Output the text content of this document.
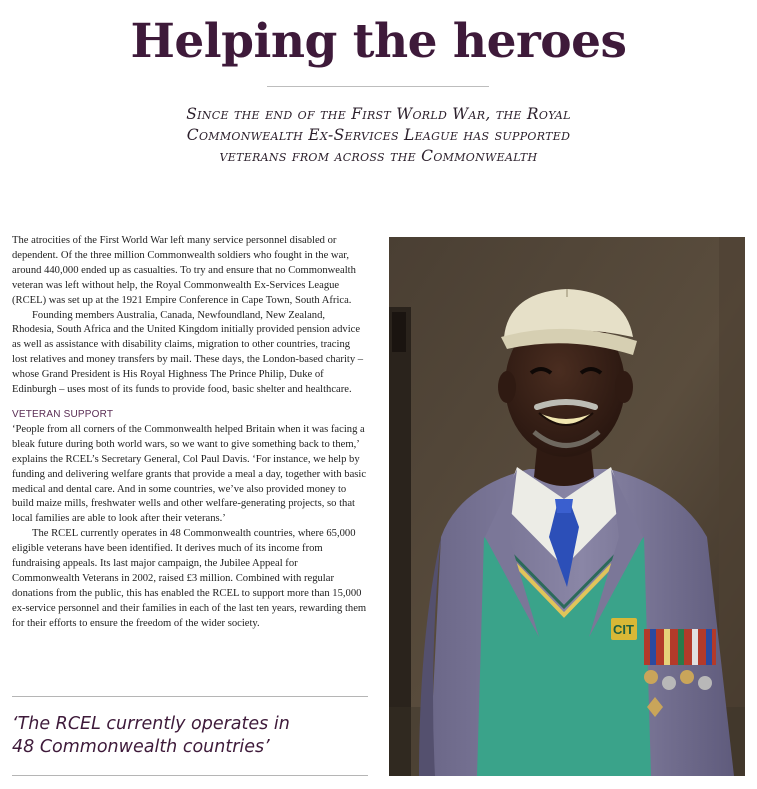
Helping the heroes
Since the end of the First World War, the Royal
Commonwealth Ex-Services League has supported
veterans from across the Commonwealth

The atrocities of the First World War left many service personnel disabled or dependent. Of the three million Commonwealth soldiers who fought in the war, around 440,000 ended up as casualties. To try and ensure that no Commonwealth veteran was left without help, the Royal Commonwealth Ex-Services League (RCEL) was set up at the 1921 Empire Conference in Cape Town, South Africa.

Founding members Australia, Canada, Newfoundland, New Zealand, Rhodesia, South Africa and the United Kingdom initially provided pension advice as well as assistance with disability claims, migration to other countries, tracing lost relatives and money transfers by mail. These days, the London-based charity – whose Grand President is His Royal Highness The Prince Philip, Duke of Edinburgh – uses most of its funds to provide food, basic shelter and healthcare.

VETERAN SUPPORT

‘People from all corners of the Commonwealth helped Britain when it was facing a bleak future during both world wars, so we want to give something back to them,’ explains the RCEL’s Secretary General, Col Paul Davis. ‘For instance, we help by funding and delivering welfare grants that provide a meal a day, together with basic medical and dental care. And in some countries, we’ve also provided money to build maize mills, freshwater wells and other welfare-generating projects, so that local families are able to look after their veterans.’

The RCEL currently operates in 48 Commonwealth countries, where 65,000 eligible veterans have been identified. It derives much of its income from fundraising appeals. Its last major campaign, the Jubilee Appeal for Commonwealth Veterans in 2002, raised £3 million. Combined with regular donations from the public, this has enabled the RCEL to support more than 15,000 ex-service personnel and their families in each of the last ten years, rewarding them for their efforts to ensure the freedom of the wider society.

‘The RCEL currently operates in
48 Commonwealth countries’
CIT
